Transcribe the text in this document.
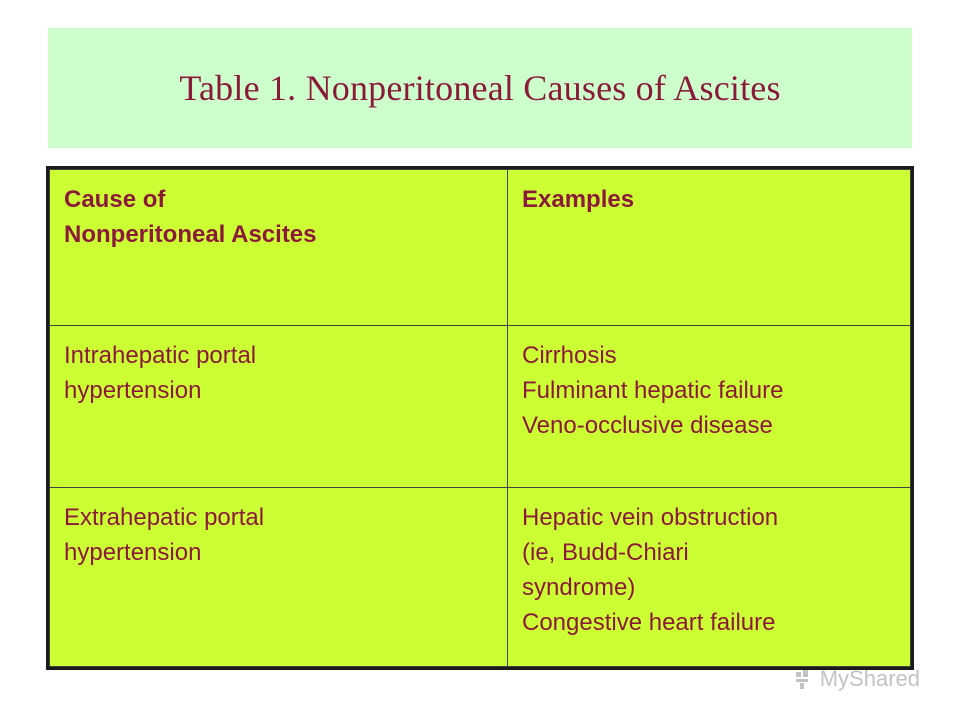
Table 1. Nonperitoneal Causes of Ascites
Cause of
Nonperitoneal Ascites	Examples

Intrahepatic portal
hypertension	Cirrhosis
Fulminant hepatic failure
Veno-occlusive disease

Extrahepatic portal
hypertension	Hepatic vein obstruction
(ie, Budd-Chiari
syndrome)
Congestive heart failure
MyShared
